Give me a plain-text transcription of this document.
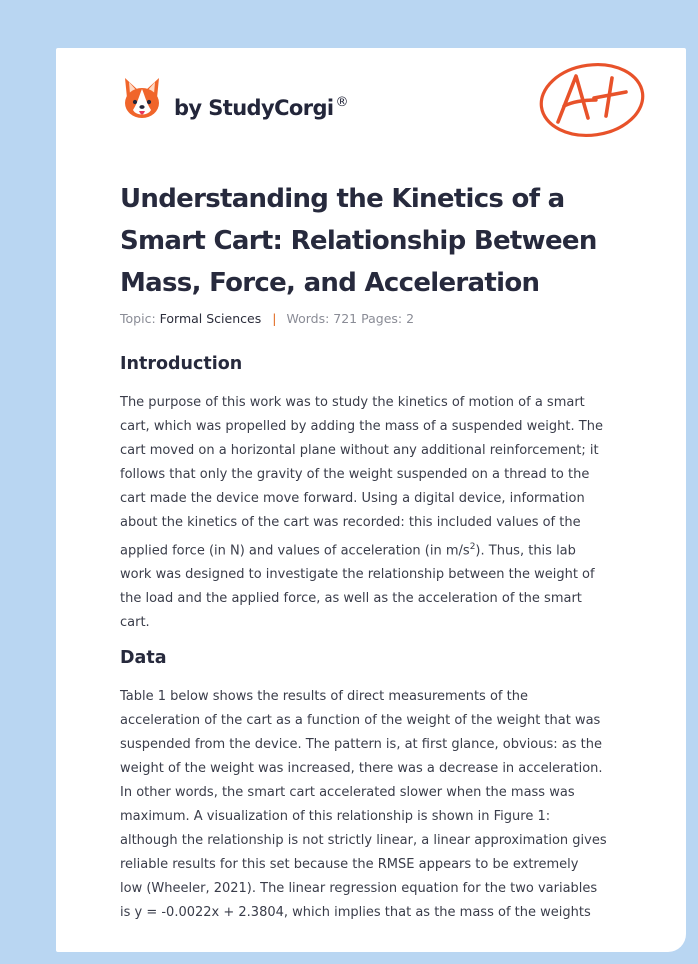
by StudyCorgi ®
Understanding the Kinetics of a
Smart Cart: Relationship Between
Mass, Force, and Acceleration
Topic: Formal Sciences | Words: 721 Pages: 2
Introduction
The purpose of this work was to study the kinetics of motion of a smart
cart, which was propelled by adding the mass of a suspended weight. The
cart moved on a horizontal plane without any additional reinforcement; it
follows that only the gravity of the weight suspended on a thread to the
cart made the device move forward. Using a digital device, information
about the kinetics of the cart was recorded: this included values of the
applied force (in N) and values of acceleration (in $m/s^2$). Thus, this lab
work was designed to investigate the relationship between the weight of
the load and the applied force, as well as the acceleration of the smart
cart.
Data
Table 1 below shows the results of direct measurements of the
acceleration of the cart as a function of the weight of the weight that was
suspended from the device. The pattern is, at first glance, obvious: as the
weight of the weight was increased, there was a decrease in acceleration.
In other words, the smart cart accelerated slower when the mass was
maximum. A visualization of this relationship is shown in Figure 1:
although the relationship is not strictly linear, a linear approximation gives
reliable results for this set because the RMSE appears to be extremely
low (Wheeler, 2021). The linear regression equation for the two variables
is y = -0.0022x + 2.3804, which implies that as the mass of the weights
